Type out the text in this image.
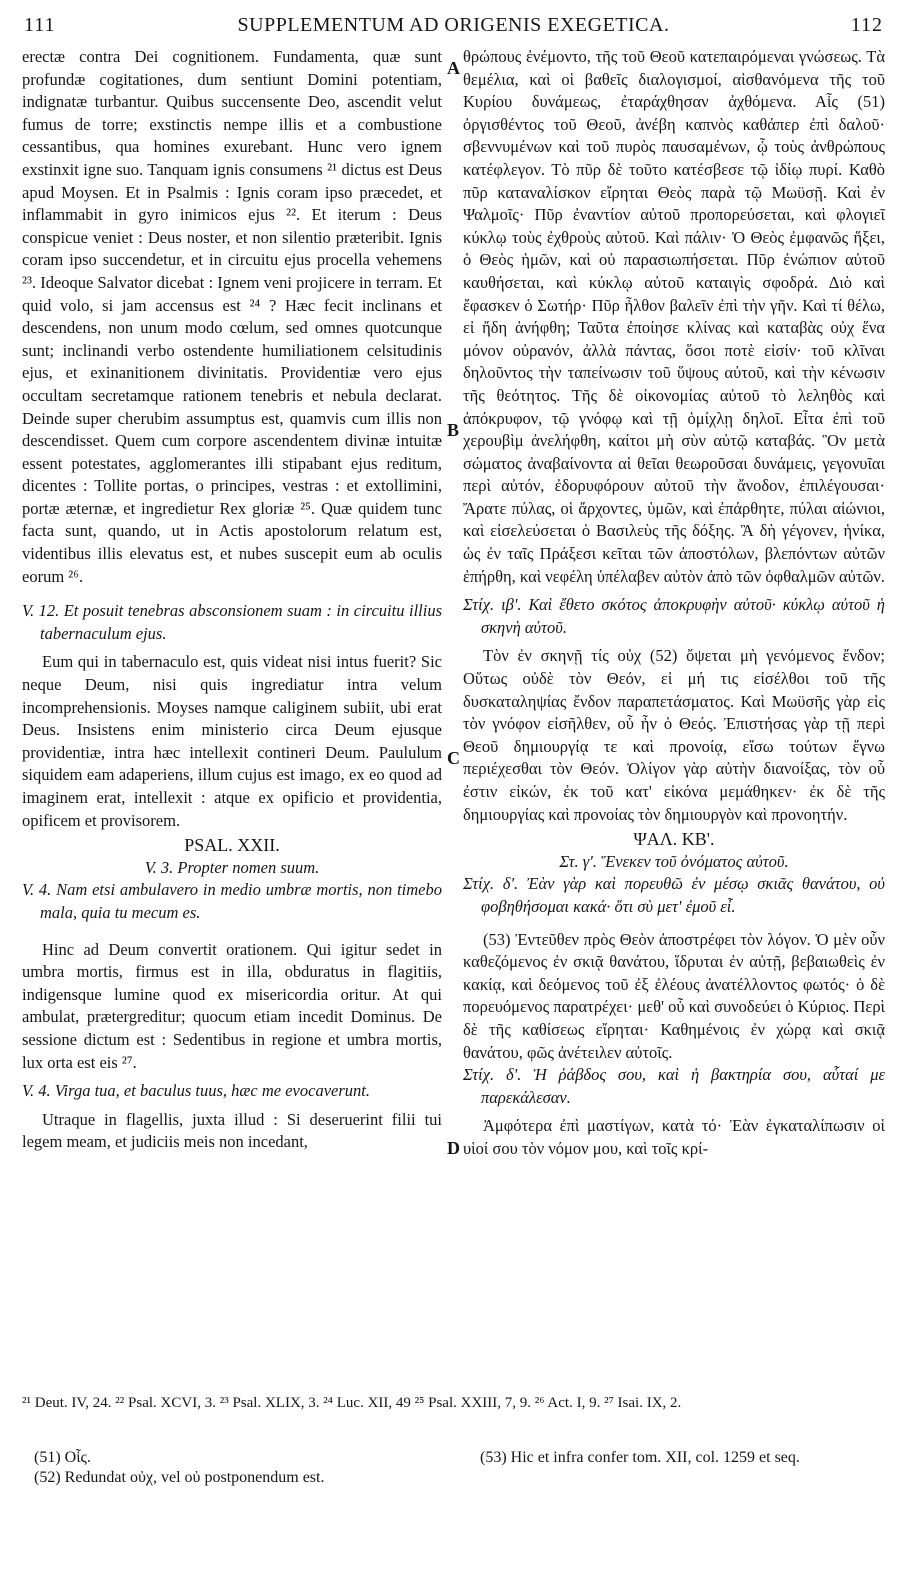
111	SUPPLEMENTUM AD ORIGENIS EXEGETICA.	112
A
B
C
D

erectæ contra Dei cognitionem. Fundamenta, quæ sunt profundæ cogitationes, dum sentiunt Domini potentiam, indignatæ turbantur. Quibus succensente Deo, ascendit velut fumus de torre; exstinctis nempe illis et a combustione cessantibus, qua homines exurebant. Hunc vero ignem exstinxit igne suo. Tanquam ignis consumens ²¹ dictus est Deus apud Moysen. Et in Psalmis : Ignis coram ipso præcedet, et inflammabit in gyro inimicos ejus ²². Et iterum : Deus conspicue veniet : Deus noster, et non silentio præteribit. Ignis coram ipso succendetur, et in circuitu ejus procella vehemens ²³. Ideoque Salvator dicebat : Ignem veni projicere in terram. Et quid volo, si jam accensus est ²⁴ ? Hæc fecit inclinans et descendens, non unum modo cœlum, sed omnes quotcunque sunt; inclinandi verbo ostendente humiliationem celsitudinis ejus, et exinanitionem divinitatis. Providentiæ vero ejus occultam secretamque rationem tenebris et nebula declarat. Deinde super cherubim assumptus est, quamvis cum illis non descendisset. Quem cum corpore ascendentem divinæ intuitæ essent potestates, agglomerantes illi stipabant ejus reditum, dicentes : Tollite portas, o principes, vestras : et extollimini, portæ æternæ, et ingredietur Rex gloriæ ²⁵. Quæ quidem tunc facta sunt, quando, ut in Actis apostolorum relatum est, videntibus illis elevatus est, et nubes suscepit eum ab oculis eorum ²⁶.

V. 12. Et posuit tenebras absconsionem suam : in circuitu illius tabernaculum ejus.

Eum qui in tabernaculo est, quis videat nisi intus fuerit? Sic neque Deum, nisi quis ingrediatur intra velum incomprehensionis. Moyses namque caliginem subiit, ubi erat Deus. Insistens enim ministerio circa Deum ejusque providentiæ, intra hæc intellexit contineri Deum. Paululum siquidem eam adaperiens, illum cujus est imago, ex eo quod ad imaginem erat, intellexit : atque ex opificio et providentia, opificem et provisorem.

PSAL. XXII.

V. 3. Propter nomen suum.

V. 4. Nam etsi ambulavero in medio umbræ mortis, non timebo mala, quia tu mecum es.

Hinc ad Deum convertit orationem. Qui igitur sedet in umbra mortis, firmus est in illa, obduratus in flagitiis, indigensque lumine quod ex misericordia oritur. At qui ambulat, prætergreditur; quocum etiam incedit Dominus. De sessione dictum est : Sedentibus in regione et umbra mortis, lux orta est eis ²⁷.

V. 4. Virga tua, et baculus tuus, hæc me evocaverunt.

Utraque in flagellis, juxta illud : Si deseruerint filii tui legem meam, et judiciis meis non incedant,

θρώπους ἐνέμοντο, τῆς τοῦ Θεοῦ κατεπαιρόμεναι γνώσεως. Τὰ θεμέλια, καὶ οἱ βαθεῖς διαλογισμοί, αἰσθανόμενα τῆς τοῦ Κυρίου δυνάμεως, ἐταράχθησαν ἀχθόμενα. Αἷς (51) ὀργισθέντος τοῦ Θεοῦ, ἀνέβη καπνὸς καθάπερ ἐπὶ δαλοῦ· σβεννυμένων καὶ τοῦ πυρὸς παυσαμένων, ᾧ τοὺς ἀνθρώπους κατέφλεγον. Τὸ πῦρ δὲ τοῦτο κατέσβεσε τῷ ἰδίῳ πυρί. Καθὸ πῦρ καταναλίσκον εἴρηται Θεὸς παρὰ τῷ Μωϋσῇ. Καὶ ἐν Ψαλμοῖς· Πῦρ ἐναντίον αὐτοῦ προπορεύσεται, καὶ φλογιεῖ κύκλῳ τοὺς ἐχθροὺς αὐτοῦ. Καὶ πάλιν· Ὁ Θεὸς ἐμφανῶς ἥξει, ὁ Θεὸς ἡμῶν, καὶ οὐ παρασιωπήσεται. Πῦρ ἐνώπιον αὐτοῦ καυθήσεται, καὶ κύκλῳ αὐτοῦ καταιγὶς σφοδρά. Διὸ καὶ ἔφασκεν ὁ Σωτήρ· Πῦρ ἦλθον βαλεῖν ἐπὶ τὴν γῆν. Καὶ τί θέλω, εἰ ἤδη ἀνήφθη; Ταῦτα ἐποίησε κλίνας καὶ καταβὰς οὐχ ἕνα μόνον οὐρανόν, ἀλλὰ πάντας, ὅσοι ποτὲ εἰσίν· τοῦ κλῖναι δηλοῦντος τὴν ταπείνωσιν τοῦ ὕψους αὐτοῦ, καὶ τὴν κένωσιν τῆς θεότητος. Τῆς δὲ οἰκονομίας αὐτοῦ τὸ λεληθὸς καὶ ἀπόκρυφον, τῷ γνόφῳ καὶ τῇ ὁμίχλῃ δηλοῖ. Εἶτα ἐπὶ τοῦ χερουβὶμ ἀνελήφθη, καίτοι μὴ σὺν αὐτῷ καταβάς. Ὃν μετὰ σώματος ἀναβαίνοντα αἱ θεῖαι θεωροῦσαι δυνάμεις, γεγονυῖαι περὶ αὐτόν, ἐδορυφόρουν αὐτοῦ τὴν ἄνοδον, ἐπιλέγουσαι· Ἄρατε πύλας, οἱ ἄρχοντες, ὑμῶν, καὶ ἐπάρθητε, πύλαι αἰώνιοι, καὶ εἰσελεύσεται ὁ Βασιλεὺς τῆς δόξης. Ἃ δὴ γέγονεν, ἡνίκα, ὡς ἐν ταῖς Πράξεσι κεῖται τῶν ἀποστόλων, βλεπόντων αὐτῶν ἐπήρθη, καὶ νεφέλη ὑπέλαβεν αὐτὸν ἀπὸ τῶν ὀφθαλμῶν αὐτῶν.

Στίχ. ιβ'. Καὶ ἔθετο σκότος ἀποκρυφὴν αὐτοῦ· κύκλῳ αὐτοῦ ἡ σκηνὴ αὐτοῦ.

Τὸν ἐν σκηνῇ τίς οὐχ (52) ὄψεται μὴ γενόμενος ἔνδον; Οὕτως οὐδὲ τὸν Θεόν, εἰ μή τις εἰσέλθοι τοῦ τῆς δυσκαταληψίας ἔνδον παραπετάσματος. Καὶ Μωϋσῆς γὰρ εἰς τὸν γνόφον εἰσῆλθεν, οὗ ἦν ὁ Θεός. Ἐπιστήσας γὰρ τῇ περὶ Θεοῦ δημιουργίᾳ τε καὶ προνοίᾳ, εἴσω τούτων ἔγνω περιέχεσθαι τὸν Θεόν. Ὀλίγον γὰρ αὐτὴν διανοίξας, τὸν οὗ ἐστιν εἰκών, ἐκ τοῦ κατ' εἰκόνα μεμάθηκεν· ἐκ δὲ τῆς δημιουργίας καὶ προνοίας τὸν δημιουργὸν καὶ προνοητήν.

ΨΑΛ. ΚΒ'.

Στ. γ'. Ἕνεκεν τοῦ ὀνόματος αὐτοῦ.

Στίχ. δ'. Ἐὰν γὰρ καὶ πορευθῶ ἐν μέσῳ σκιᾶς θανάτου, οὐ φοβηθήσομαι κακά· ὅτι σὺ μετ' ἐμοῦ εἶ.

(53) Ἐντεῦθεν πρὸς Θεὸν ἀποστρέφει τὸν λόγον. Ὁ μὲν οὖν καθεζόμενος ἐν σκιᾷ θανάτου, ἵδρυται ἐν αὐτῇ, βεβαιωθεὶς ἐν κακίᾳ, καὶ δεόμενος τοῦ ἐξ ἐλέους ἀνατέλλοντος φωτός· ὁ δὲ πορευόμενος παρατρέχει· μεθ' οὗ καὶ συνοδεύει ὁ Κύριος. Περὶ δὲ τῆς καθίσεως εἴρηται· Καθημένοις ἐν χώρᾳ καὶ σκιᾷ θανάτου, φῶς ἀνέτειλεν αὐτοῖς.

Στίχ. δ'. Ἡ ῥάβδος σου, καὶ ἡ βακτηρία σου, αὗταί με παρεκάλεσαν.

Ἀμφότερα ἐπὶ μαστίγων, κατὰ τό· Ἐὰν ἐγκαταλίπωσιν οἱ υἱοί σου τὸν νόμον μου, καὶ τοῖς κρί-

²¹ Deut. IV, 24. ²² Psal. XCVI, 3. ²³ Psal. XLIX, 3. ²⁴ Luc. XII, 49 ²⁵ Psal. XXIII, 7, 9. ²⁶ Act. I, 9. ²⁷ Isai. IX, 2.
(51) Οἷς.
(52) Redundat οὐχ, vel οὐ postponendum est.
(53) Hic et infra confer tom. XII, col. 1259 et seq.
